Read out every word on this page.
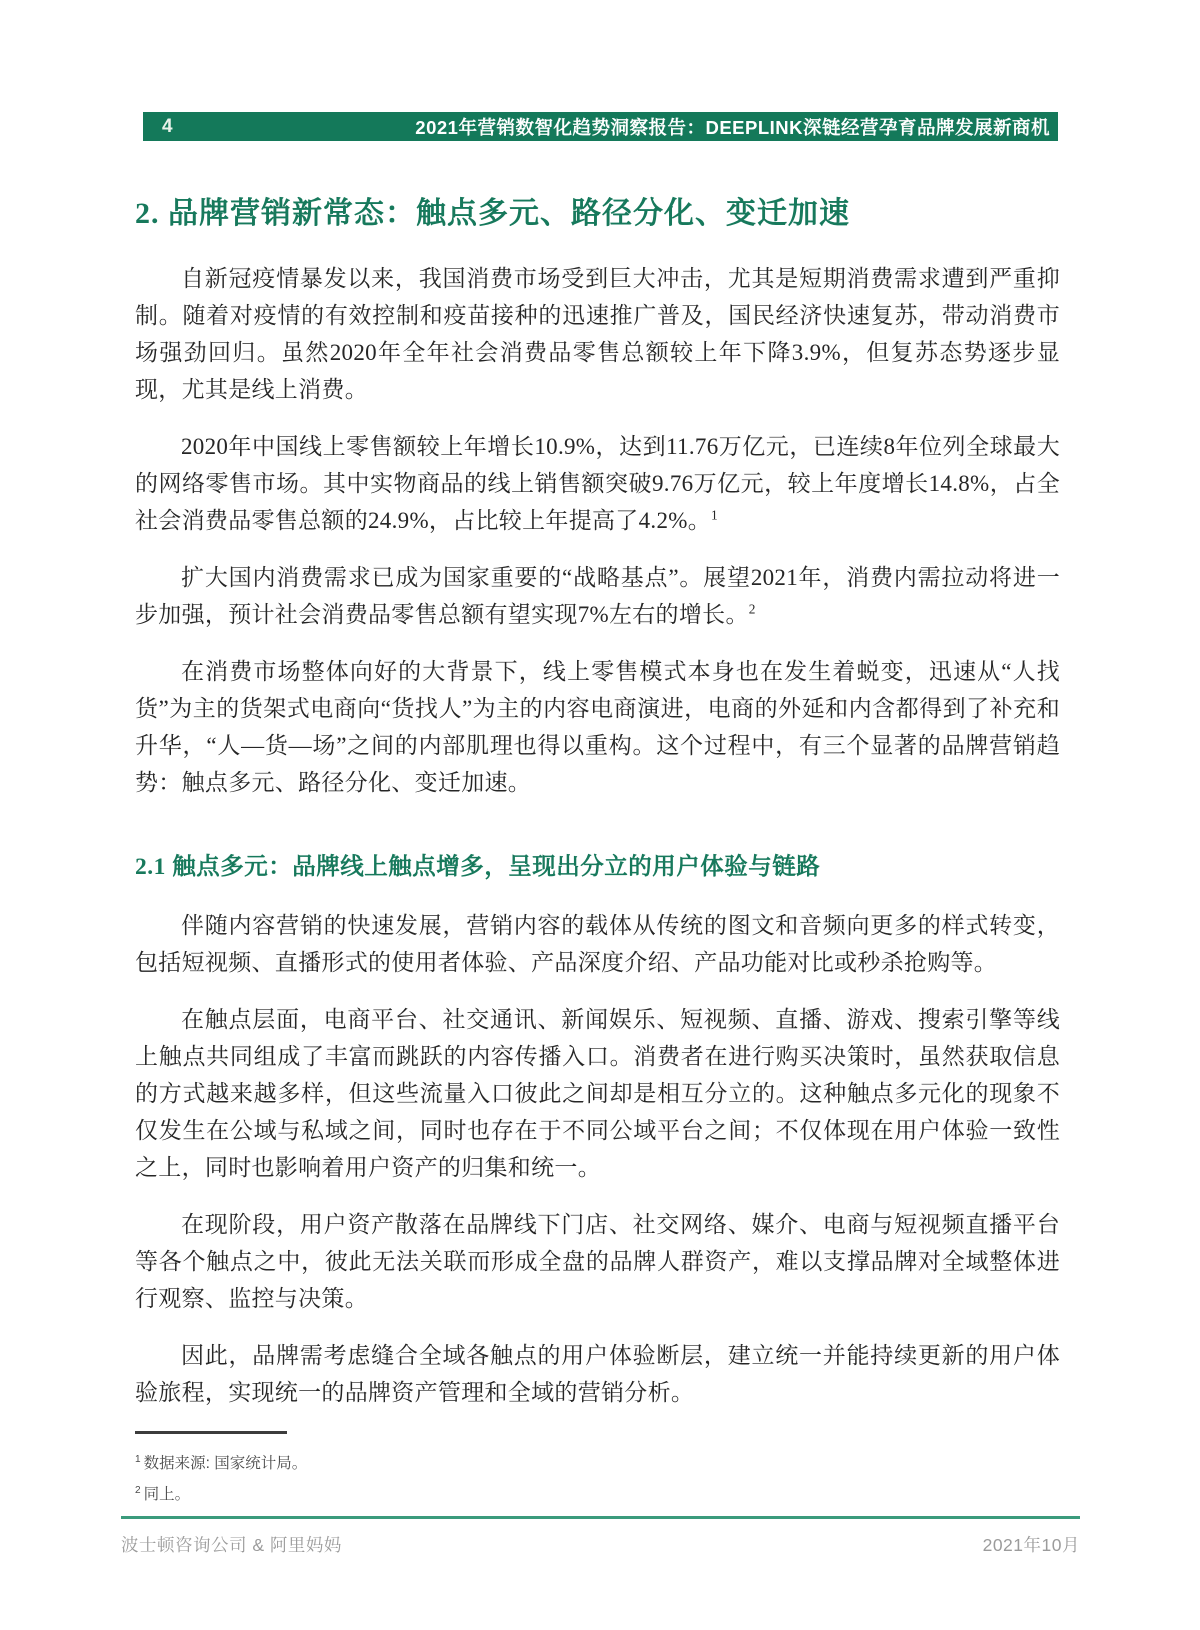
4	2021年营销数智化趋势洞察报告：DEEPLINK深链经营孕育品牌发展新商机
2. 品牌营销新常态：触点多元、路径分化、变迁加速

自新冠疫情暴发以来，我国消费市场受到巨大冲击，尤其是短期消费需求遭到严重抑制。随着对疫情的有效控制和疫苗接种的迅速推广普及，国民经济快速复苏，带动消费市场强劲回归。虽然2020年全年社会消费品零售总额较上年下降3.9%，但复苏态势逐步显现，尤其是线上消费。

2020年中国线上零售额较上年增长10.9%，达到11.76万亿元，已连续8年位列全球最大的网络零售市场。其中实物商品的线上销售额突破9.76万亿元，较上年度增长14.8%，占全社会消费品零售总额的24.9%，占比较上年提高了4.2%。$^1$

扩大国内消费需求已成为国家重要的“战略基点”。展望2021年，消费内需拉动将进一步加强，预计社会消费品零售总额有望实现7%左右的增长。$^2$

在消费市场整体向好的大背景下，线上零售模式本身也在发生着蜕变，迅速从“人找货”为主的货架式电商向“货找人”为主的内容电商演进，电商的外延和内含都得到了补充和升华，“人—货—场”之间的内部肌理也得以重构。这个过程中，有三个显著的品牌营销趋势：触点多元、路径分化、变迁加速。

2.1 触点多元：品牌线上触点增多，呈现出分立的用户体验与链路

伴随内容营销的快速发展，营销内容的载体从传统的图文和音频向更多的样式转变，包括短视频、直播形式的使用者体验、产品深度介绍、产品功能对比或秒杀抢购等。

在触点层面，电商平台、社交通讯、新闻娱乐、短视频、直播、游戏、搜索引擎等线上触点共同组成了丰富而跳跃的内容传播入口。消费者在进行购买决策时，虽然获取信息的方式越来越多样，但这些流量入口彼此之间却是相互分立的。这种触点多元化的现象不仅发生在公域与私域之间，同时也存在于不同公域平台之间；不仅体现在用户体验一致性之上，同时也影响着用户资产的归集和统一。

在现阶段，用户资产散落在品牌线下门店、社交网络、媒介、电商与短视频直播平台等各个触点之中，彼此无法关联而形成全盘的品牌人群资产，难以支撑品牌对全域整体进行观察、监控与决策。

因此，品牌需考虑缝合全域各触点的用户体验断层，建立统一并能持续更新的用户体验旅程，实现统一的品牌资产管理和全域的营销分析。

$^1$ 数据来源: 国家统计局。
$^2$ 同上。
波士顿咨询公司 & 阿里妈妈	2021年10月
